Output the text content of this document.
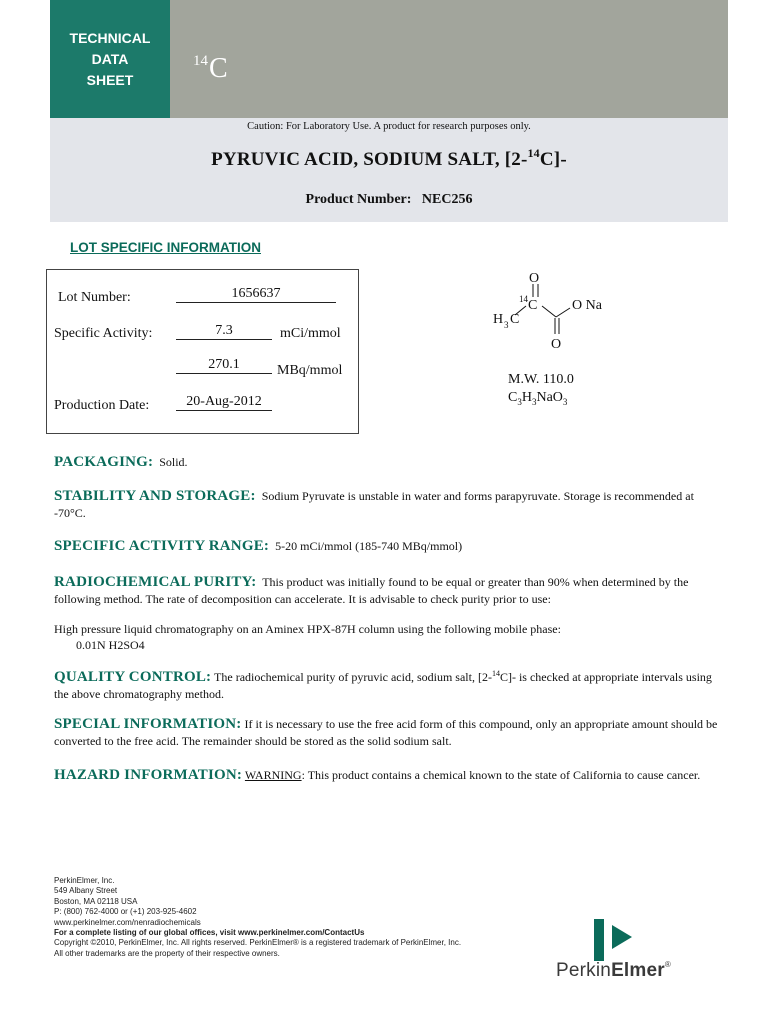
TECHNICAL
DATA
SHEET
$^{14}$C
Caution: For Laboratory Use. A product for research purposes only.
PYRUVIC ACID, SODIUM SALT, [2-$^{14}$C]-
Product Number: NEC256
LOT SPECIFIC INFORMATION
Lot Number:	1656637
Specific Activity:	7.3	mCi/mmol
270.1	MBq/mmol
Production Date:	20-Aug-2012
O
14 C O Na
H 3 C
O
M.W. 110.0
$C_3H_3NaO_3$
PACKAGING: Solid.
STABILITY AND STORAGE: Sodium Pyruvate is unstable in water and forms parapyruvate. Storage is recommended at -70°C.
SPECIFIC ACTIVITY RANGE: 5-20 mCi/mmol (185-740 MBq/mmol)
RADIOCHEMICAL PURITY: This product was initially found to be equal or greater than 90% when determined by the following method. The rate of decomposition can accelerate. It is advisable to check purity prior to use:
High pressure liquid chromatography on an Aminex HPX-87H column using the following mobile phase:
0.01N H2SO4
QUALITY CONTROL: The radiochemical purity of pyruvic acid, sodium salt, [2-$^{14}$C]- is checked at appropriate intervals using the above chromatography method.
SPECIAL INFORMATION: If it is necessary to use the free acid form of this compound, only an appropriate amount should be converted to the free acid. The remainder should be stored as the solid sodium salt.
HAZARD INFORMATION: WARNING: This product contains a chemical known to the state of California to cause cancer.
PerkinElmer, Inc.
549 Albany Street
Boston, MA 02118 USA
P: (800) 762-4000 or (+1) 203-925-4602
www.perkinelmer.com/nenradiochemicals
For a complete listing of our global offices, visit www.perkinelmer.com/ContactUs
Copyright ©2010, PerkinElmer, Inc. All rights reserved. PerkinElmer® is a registered trademark of PerkinElmer, Inc.
All other trademarks are the property of their respective owners.
PerkinElmer®
